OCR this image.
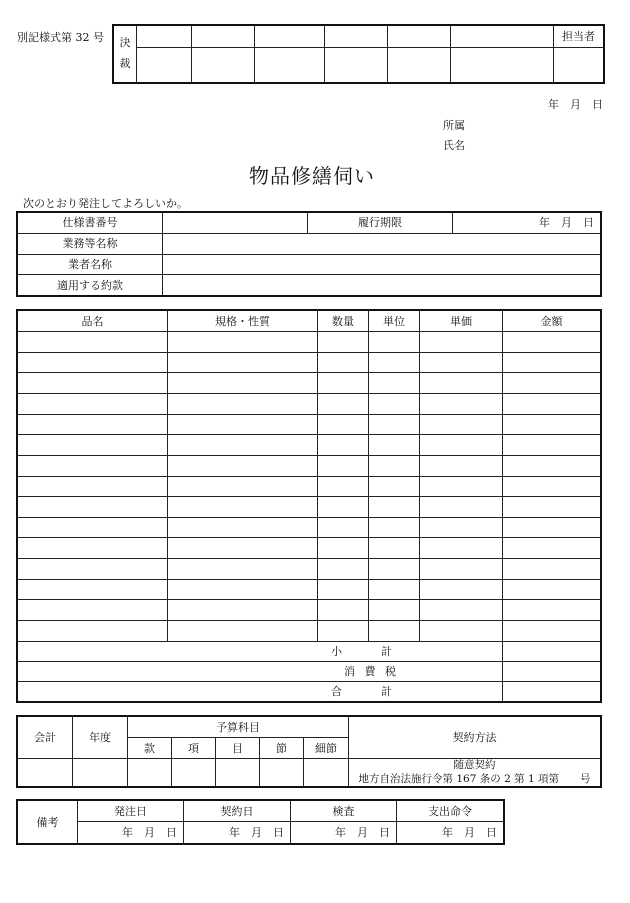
別記様式第 32 号 決
裁							担当者

年　月　日
所属
氏名
物品修繕伺い
次のとおり発注してよろしいか。
仕様書番号		履行期限	年　月　日
業務等名称			
業者名称			
適用する約款			
品名	規格・性質	数量	単位	単価	金額

小　計					
消 費 税					
合　計					
会計	年度	予算科目					契約方法
		款	項	目	節	細節	

							随意契約
地方自治法施行令第 167 条の 2 第 1 項第　　号
備考	発注日	契約日	検査	支出命令
	年　月　日	年　月　日	年　月　日	年　月　日
